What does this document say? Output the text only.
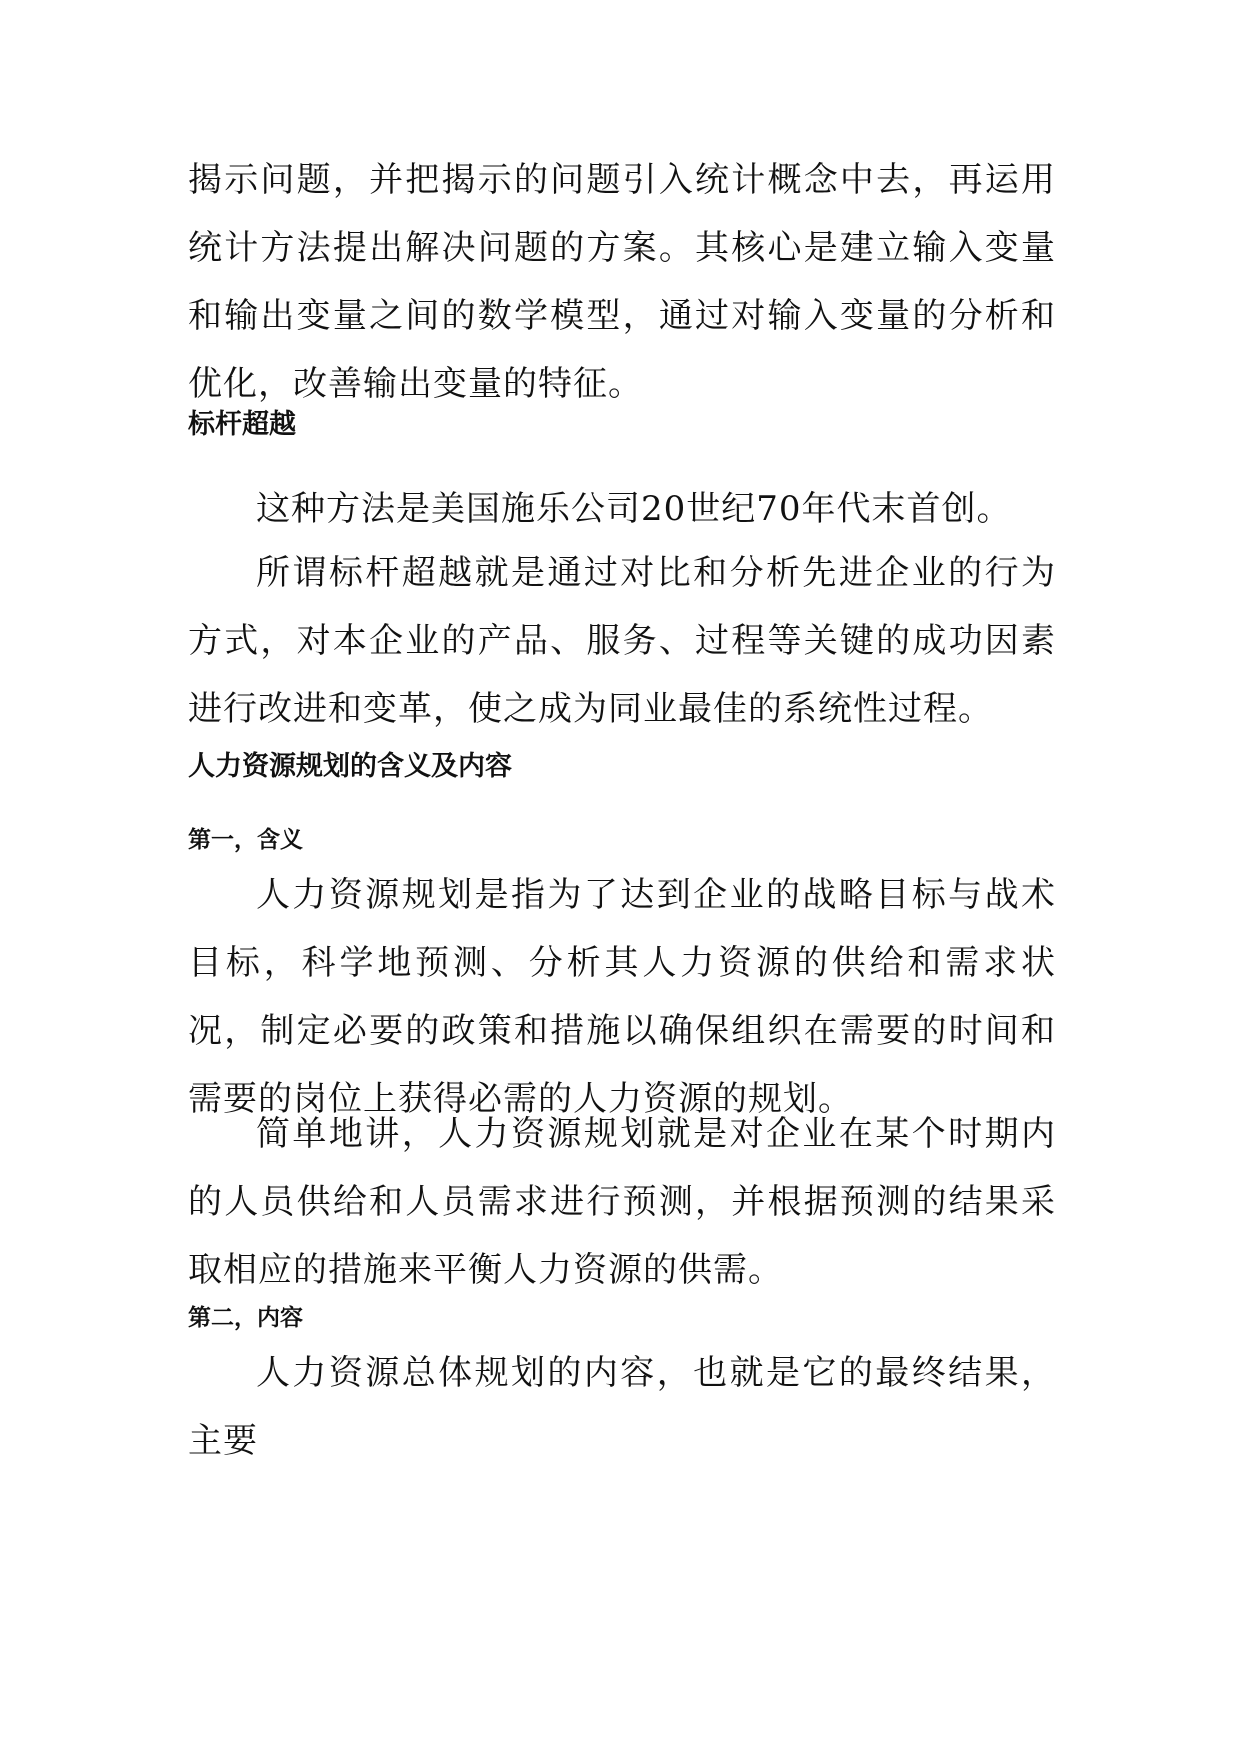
揭示问题，并把揭示的问题引入统计概念中去，再运用统计方法提出解决问题的方案。其核心是建立输入变量和输出变量之间的数学模型，通过对输入变量的分析和优化，改善输出变量的特征。

标杆超越

这种方法是美国施乐公司20世纪70年代末首创。

所谓标杆超越就是通过对比和分析先进企业的行为方式，对本企业的产品、服务、过程等关键的成功因素进行改进和变革，使之成为同业最佳的系统性过程。

人力资源规划的含义及内容
第一，含义

人力资源规划是指为了达到企业的战略目标与战术目标，科学地预测、分析其人力资源的供给和需求状况，制定必要的政策和措施以确保组织在需要的时间和需要的岗位上获得必需的人力资源的规划。

简单地讲，人力资源规划就是对企业在某个时期内的人员供给和人员需求进行预测，并根据预测的结果采取相应的措施来平衡人力资源的供需。

第二，内容

人力资源总体规划的内容，也就是它的最终结果，主要
